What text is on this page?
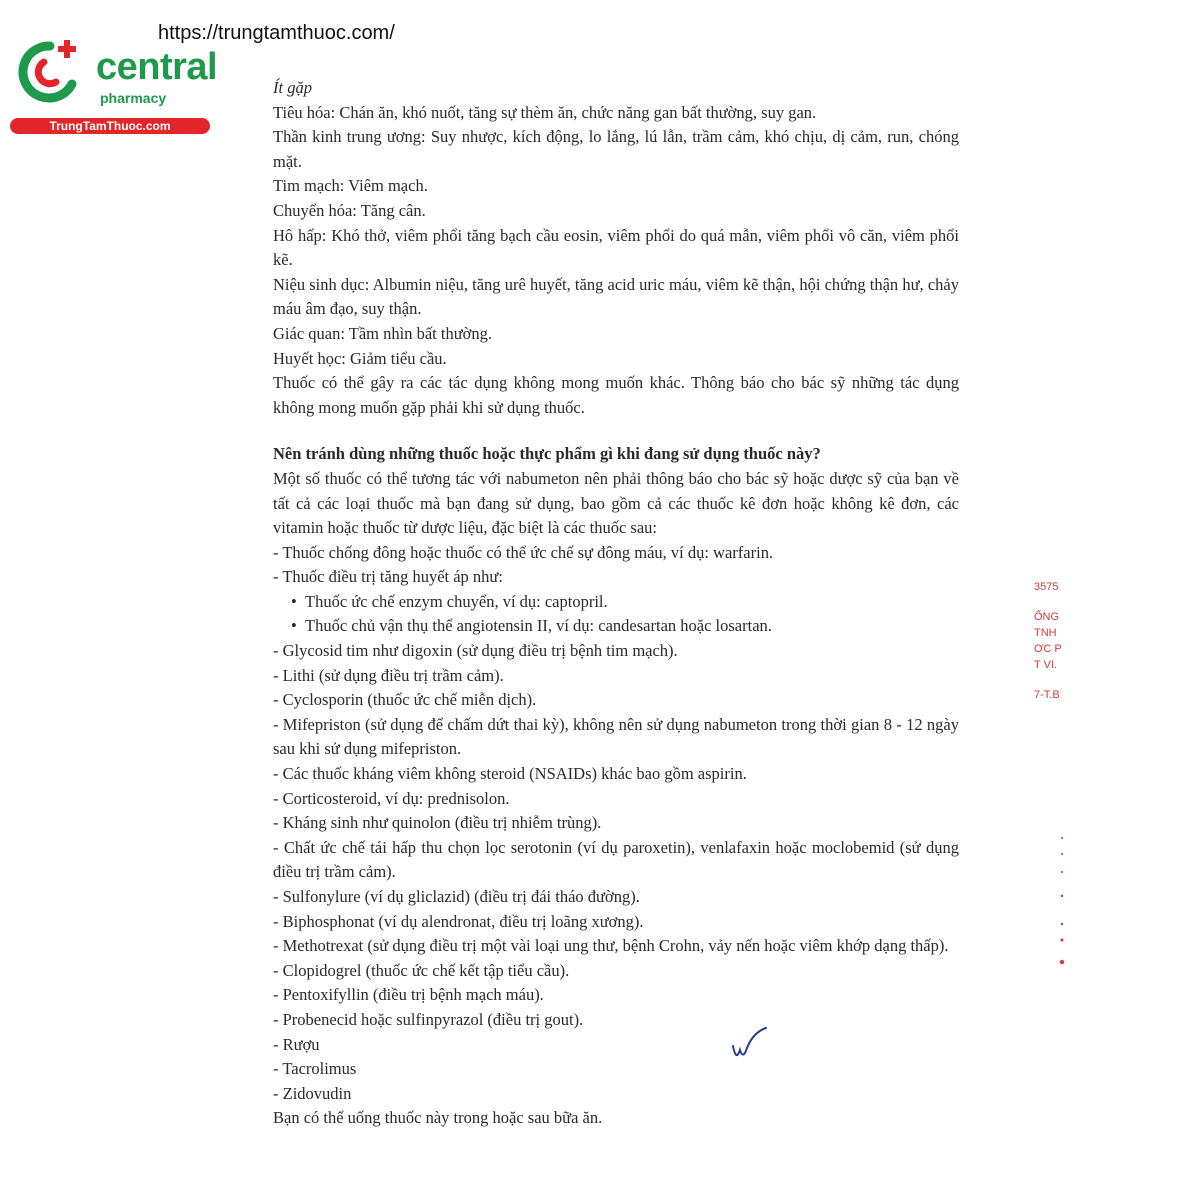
https://trungtamthuoc.com/
central
pharmacy
TrungTamThuoc.com

Ít gặp

Tiêu hóa: Chán ăn, khó nuốt, tăng sự thèm ăn, chức năng gan bất thường, suy gan.

Thần kinh trung ương: Suy nhược, kích động, lo lắng, lú lẫn, trầm cảm, khó chịu, dị cảm, run, chóng mặt.

Tim mạch: Viêm mạch.

Chuyển hóa: Tăng cân.

Hô hấp: Khó thở, viêm phổi tăng bạch cầu eosin, viêm phổi do quá mẫn, viêm phổi vô căn, viêm phổi kẽ.

Niệu sinh dục: Albumin niệu, tăng urê huyết, tăng acid uric máu, viêm kẽ thận, hội chứng thận hư, chảy máu âm đạo, suy thận.

Giác quan: Tầm nhìn bất thường.

Huyết học: Giảm tiểu cầu.

Thuốc có thể gây ra các tác dụng không mong muốn khác. Thông báo cho bác sỹ những tác dụng không mong muốn gặp phải khi sử dụng thuốc.

Nên tránh dùng những thuốc hoặc thực phẩm gì khi đang sử dụng thuốc này?

Một số thuốc có thể tương tác với nabumeton nên phải thông báo cho bác sỹ hoặc dược sỹ của bạn về tất cả các loại thuốc mà bạn đang sử dụng, bao gồm cả các thuốc kê đơn hoặc không kê đơn, các vitamin hoặc thuốc từ dược liệu, đặc biệt là các thuốc sau:

- Thuốc chống đông hoặc thuốc có thể ức chế sự đông máu, ví dụ: warfarin.

- Thuốc điều trị tăng huyết áp như:

• Thuốc ức chế enzym chuyển, ví dụ: captopril.

• Thuốc chủ vận thụ thể angiotensin II, ví dụ: candesartan hoặc losartan.

- Glycosid tim như digoxin (sử dụng điều trị bệnh tim mạch).

- Lithi (sử dụng điều trị trầm cảm).

- Cyclosporin (thuốc ức chế miễn dịch).

- Mifepriston (sử dụng để chấm dứt thai kỳ), không nên sử dụng nabumeton trong thời gian 8 - 12 ngày sau khi sử dụng mifepriston.

- Các thuốc kháng viêm không steroid (NSAIDs) khác bao gồm aspirin.

- Corticosteroid, ví dụ: prednisolon.

- Kháng sinh như quinolon (điều trị nhiễm trùng).

- Chất ức chế tái hấp thu chọn lọc serotonin (ví dụ paroxetin), venlafaxin hoặc moclobemid (sử dụng điều trị trầm cảm).

- Sulfonylure (ví dụ gliclazid) (điều trị đái tháo đường).

- Biphosphonat (ví dụ alendronat, điều trị loãng xương).

- Methotrexat (sử dụng điều trị một vài loại ung thư, bệnh Crohn, vảy nến hoặc viêm khớp dạng thấp).

- Clopidogrel (thuốc ức chế kết tập tiểu cầu).

- Pentoxifyllin (điều trị bệnh mạch máu).

- Probenecid hoặc sulfinpyrazol (điều trị gout).

- Rượu

- Tacrolimus

- Zidovudin

Bạn có thể uống thuốc này trong hoặc sau bữa ăn.

3575
ỐNG
TNH
ƠC P
T VI.
7-T.B
